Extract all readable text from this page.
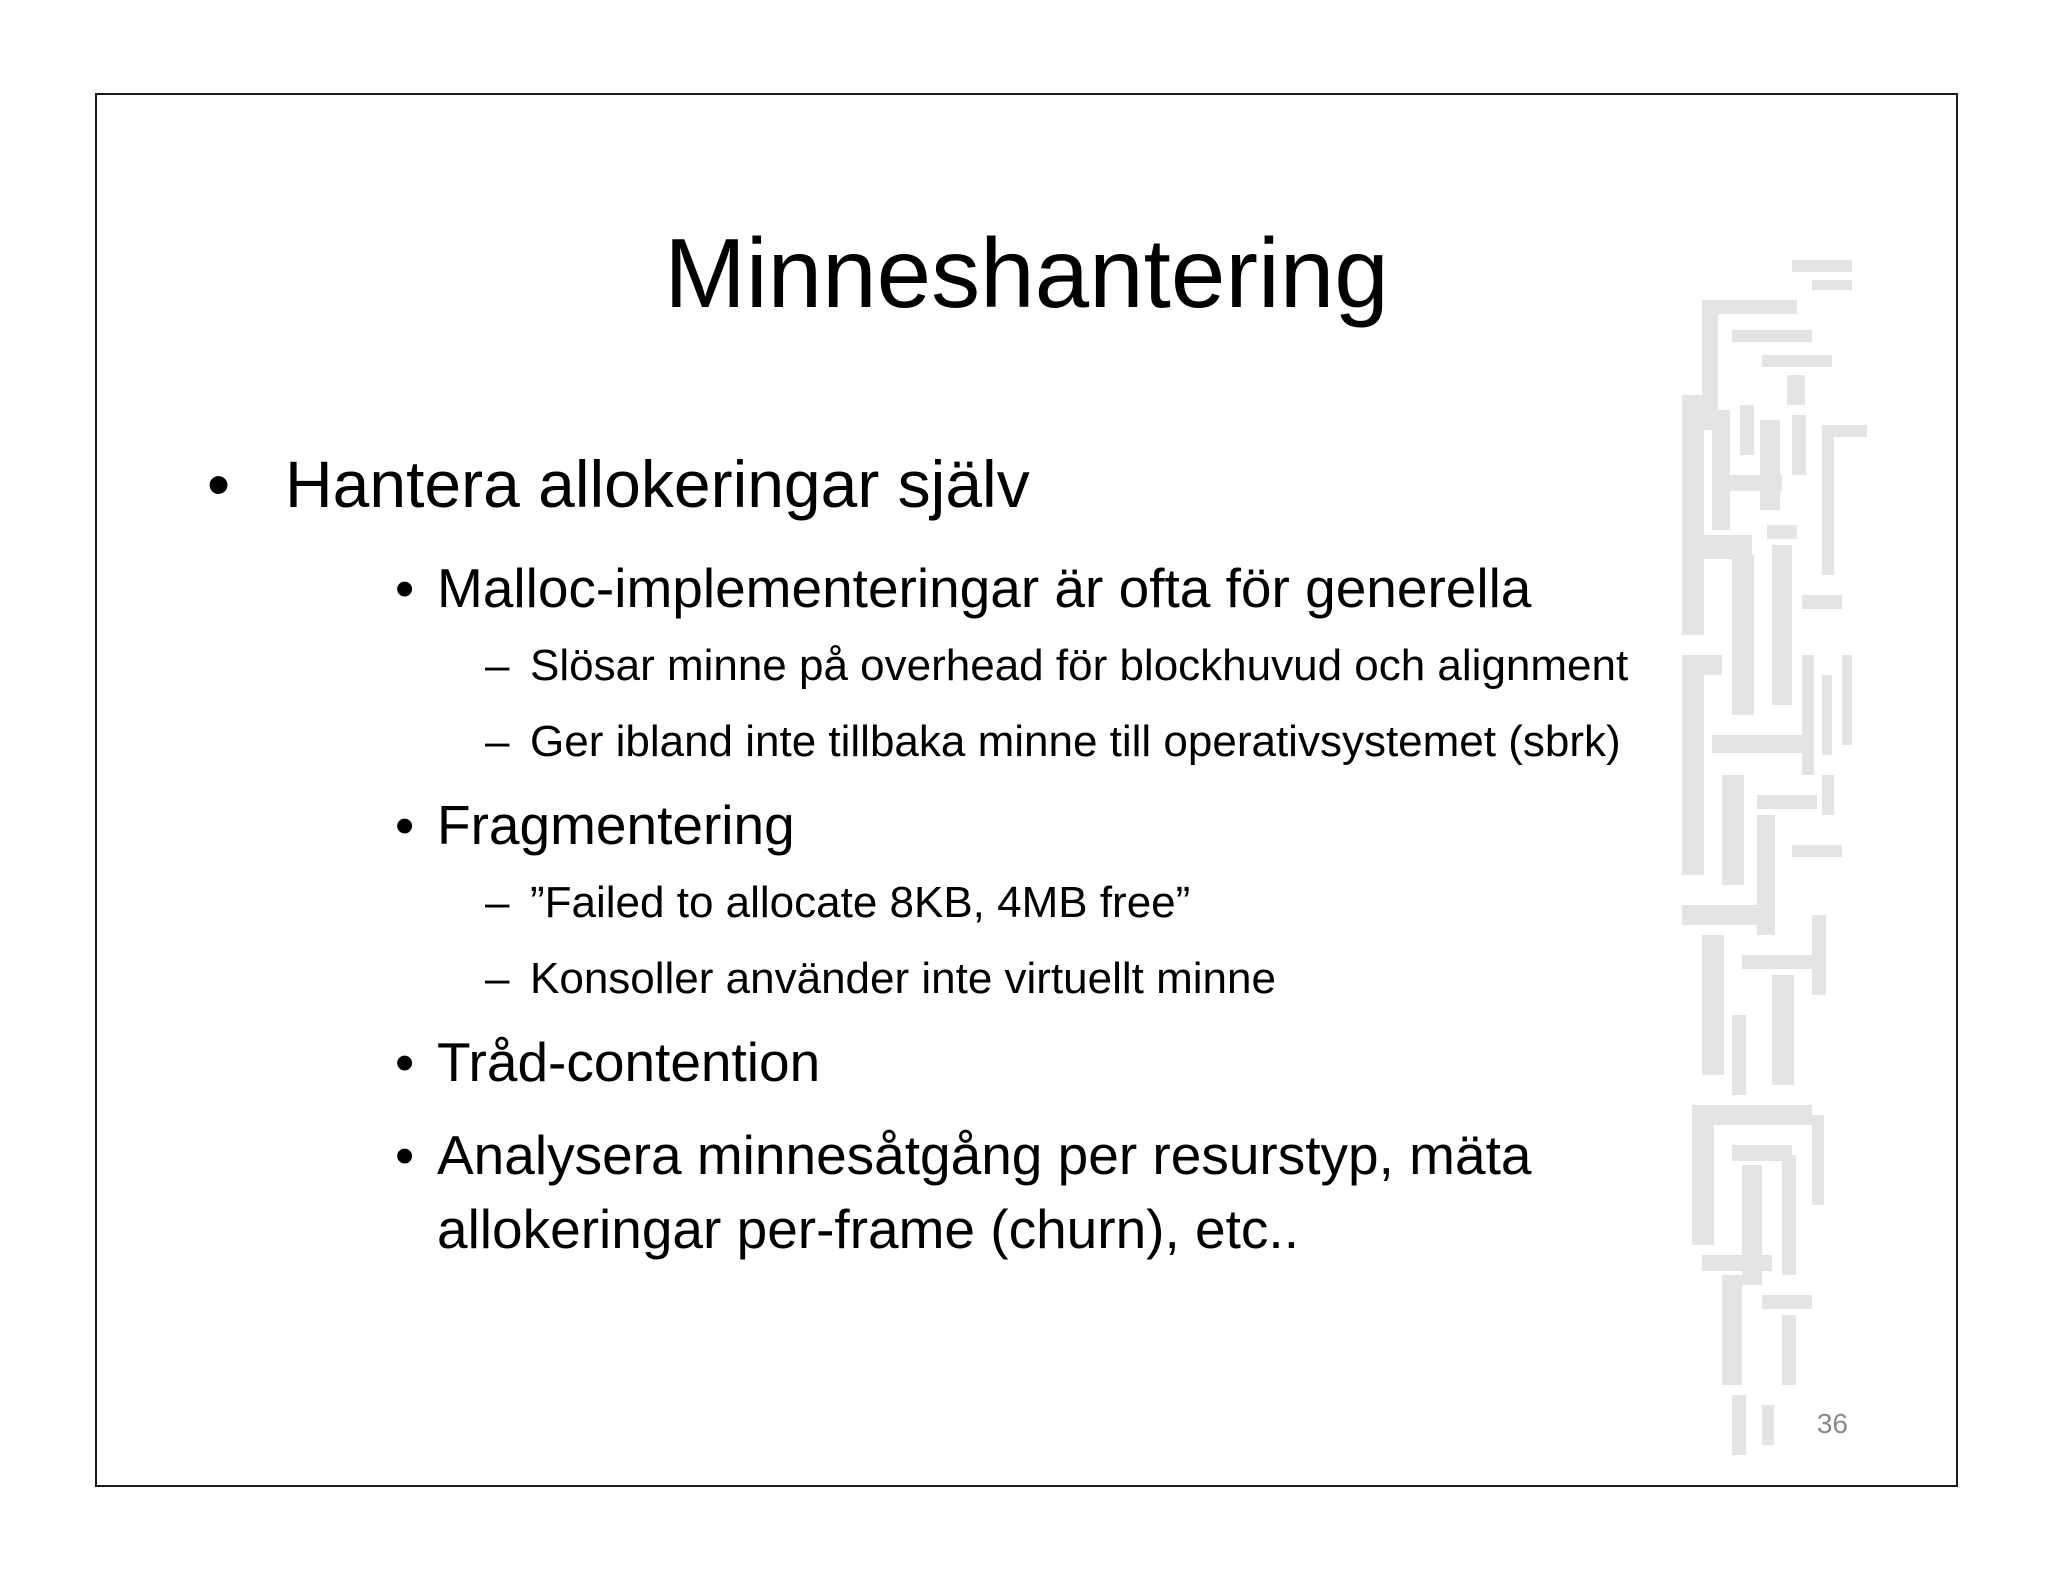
Minneshantering
• Hantera allokeringar själv
• Malloc-implementeringar är ofta för generella
– Slösar minne på overhead för blockhuvud och alignment
– Ger ibland inte tillbaka minne till operativsystemet (sbrk)
• Fragmentering
– ”Failed to allocate 8KB, 4MB free”
– Konsoller använder inte virtuellt minne
• Tråd-contention
• Analysera minnesåtgång per resurstyp, mäta
allokeringar per-frame (churn), etc..
36
